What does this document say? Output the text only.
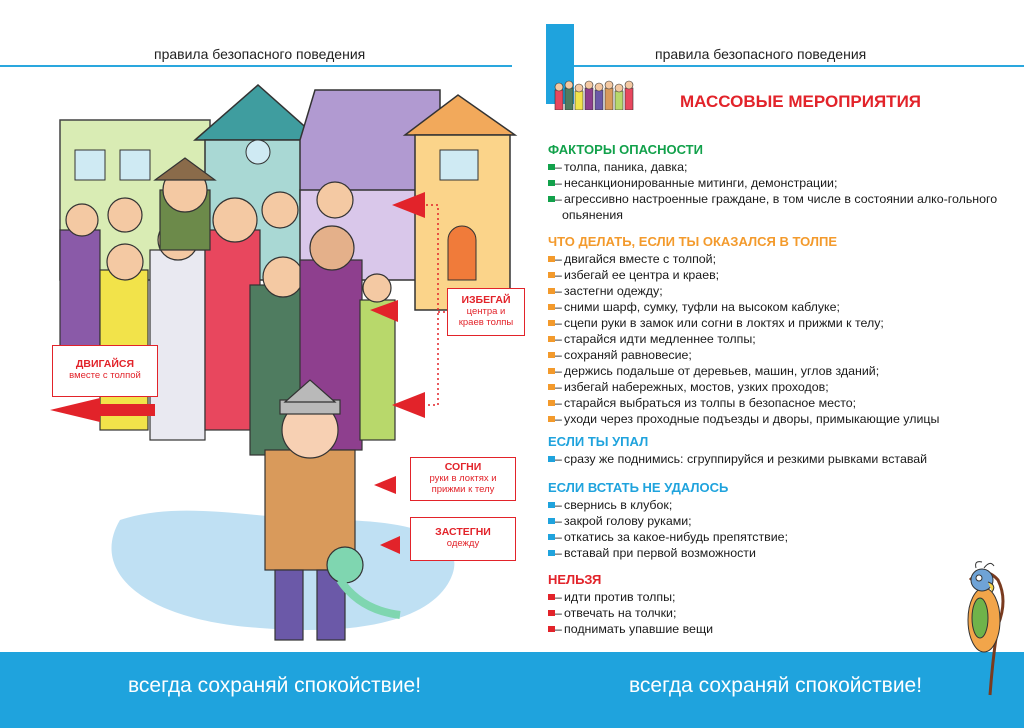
правила безопасного поведения	правила безопасного поведения
ДВИГАЙСЯ
вместе с толпой
ИЗБЕГАЙ
центра и
краев толпы
СОГНИ
руки в локтях и
прижми к телу
ЗАСТЕГНИ
одежду
МАССОВЫЕ МЕРОПРИЯТИЯ
ФАКТОРЫ ОПАСНОСТИ
– толпа, паника, давка;
– несанкционированные митинги, демонстрации;
– агрессивно настроенные граждане, в том числе в состоянии алко-гольного опьянения
ЧТО ДЕЛАТЬ, ЕСЛИ ТЫ ОКАЗАЛСЯ В ТОЛПЕ
– двигайся вместе с толпой;
– избегай ее центра и краев;
– застегни одежду;
– сними шарф, сумку, туфли на высоком каблуке;
– сцепи руки в замок или согни в локтях и прижми к телу;
– старайся идти медленнее толпы;
– сохраняй равновесие;
– держись подальше от деревьев, машин, углов зданий;
– избегай набережных, мостов, узких проходов;
– старайся выбраться из толпы в безопасное место;
– уходи через проходные подъезды и дворы, примыкающие улицы
ЕСЛИ ТЫ УПАЛ
– сразу же поднимись: сгруппируйся и резкими рывками вставай
ЕСЛИ ВСТАТЬ НЕ УДАЛОСЬ
– свернись в клубок;
– закрой голову руками;
– откатись за какое-нибудь препятствие;
– вставай при первой возможности
НЕЛЬЗЯ
– идти против толпы;
– отвечать на толчки;
– поднимать упавшие вещи
всегда сохраняй спокойствие!	всегда сохраняй спокойствие!
